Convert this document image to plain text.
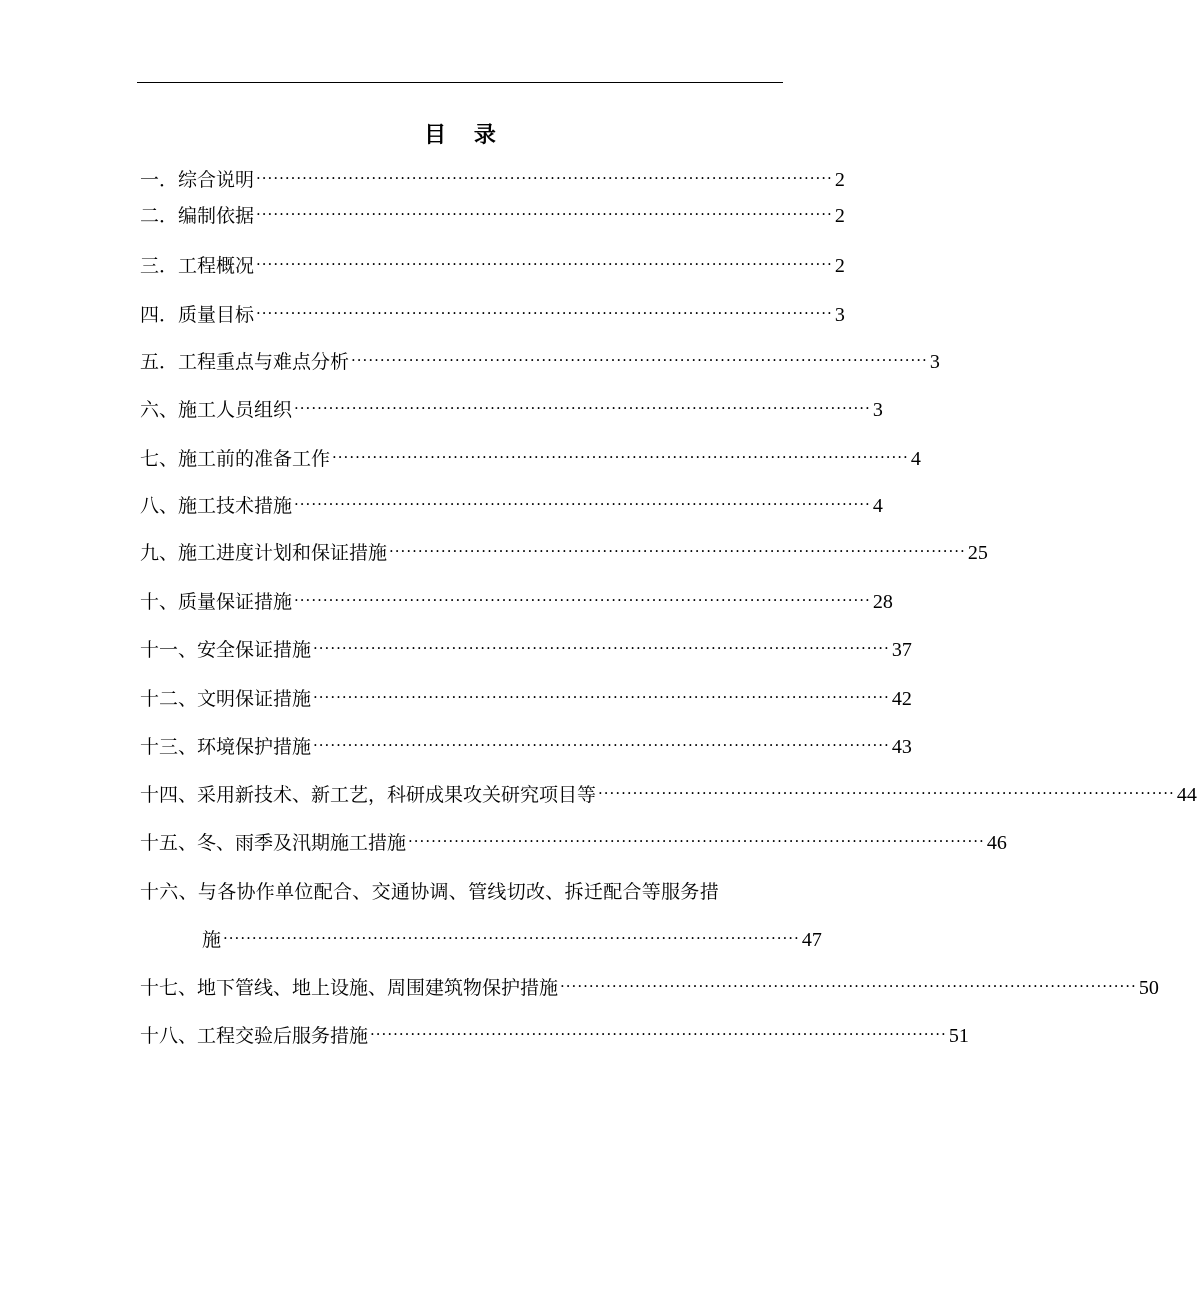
目 录
一．综合说明 ···································································································· 2
二．编制依据 ···································································································· 2
三．工程概况 ···································································································· 2
四．质量目标 ···································································································· 3
五．工程重点与难点分析 ···································································································· 3
六、施工人员组织 ···································································································· 3
七、施工前的准备工作 ···································································································· 4
八、施工技术措施 ···································································································· 4
九、施工进度计划和保证措施 ···································································································· 25
十、质量保证措施 ···································································································· 28
十一、安全保证措施 ···································································································· 37
十二、文明保证措施 ···································································································· 42
十三、环境保护措施 ···································································································· 43
十四、采用新技术、新工艺，科研成果攻关研究项目等 ···································································································· 44
十五、冬、雨季及汛期施工措施 ···································································································· 46
十六、与各协作单位配合、交通协调、管线切改、拆迁配合等服务措
施 ···································································································· 47
十七、地下管线、地上设施、周围建筑物保护措施 ···································································································· 50
十八、工程交验后服务措施 ···································································································· 51
